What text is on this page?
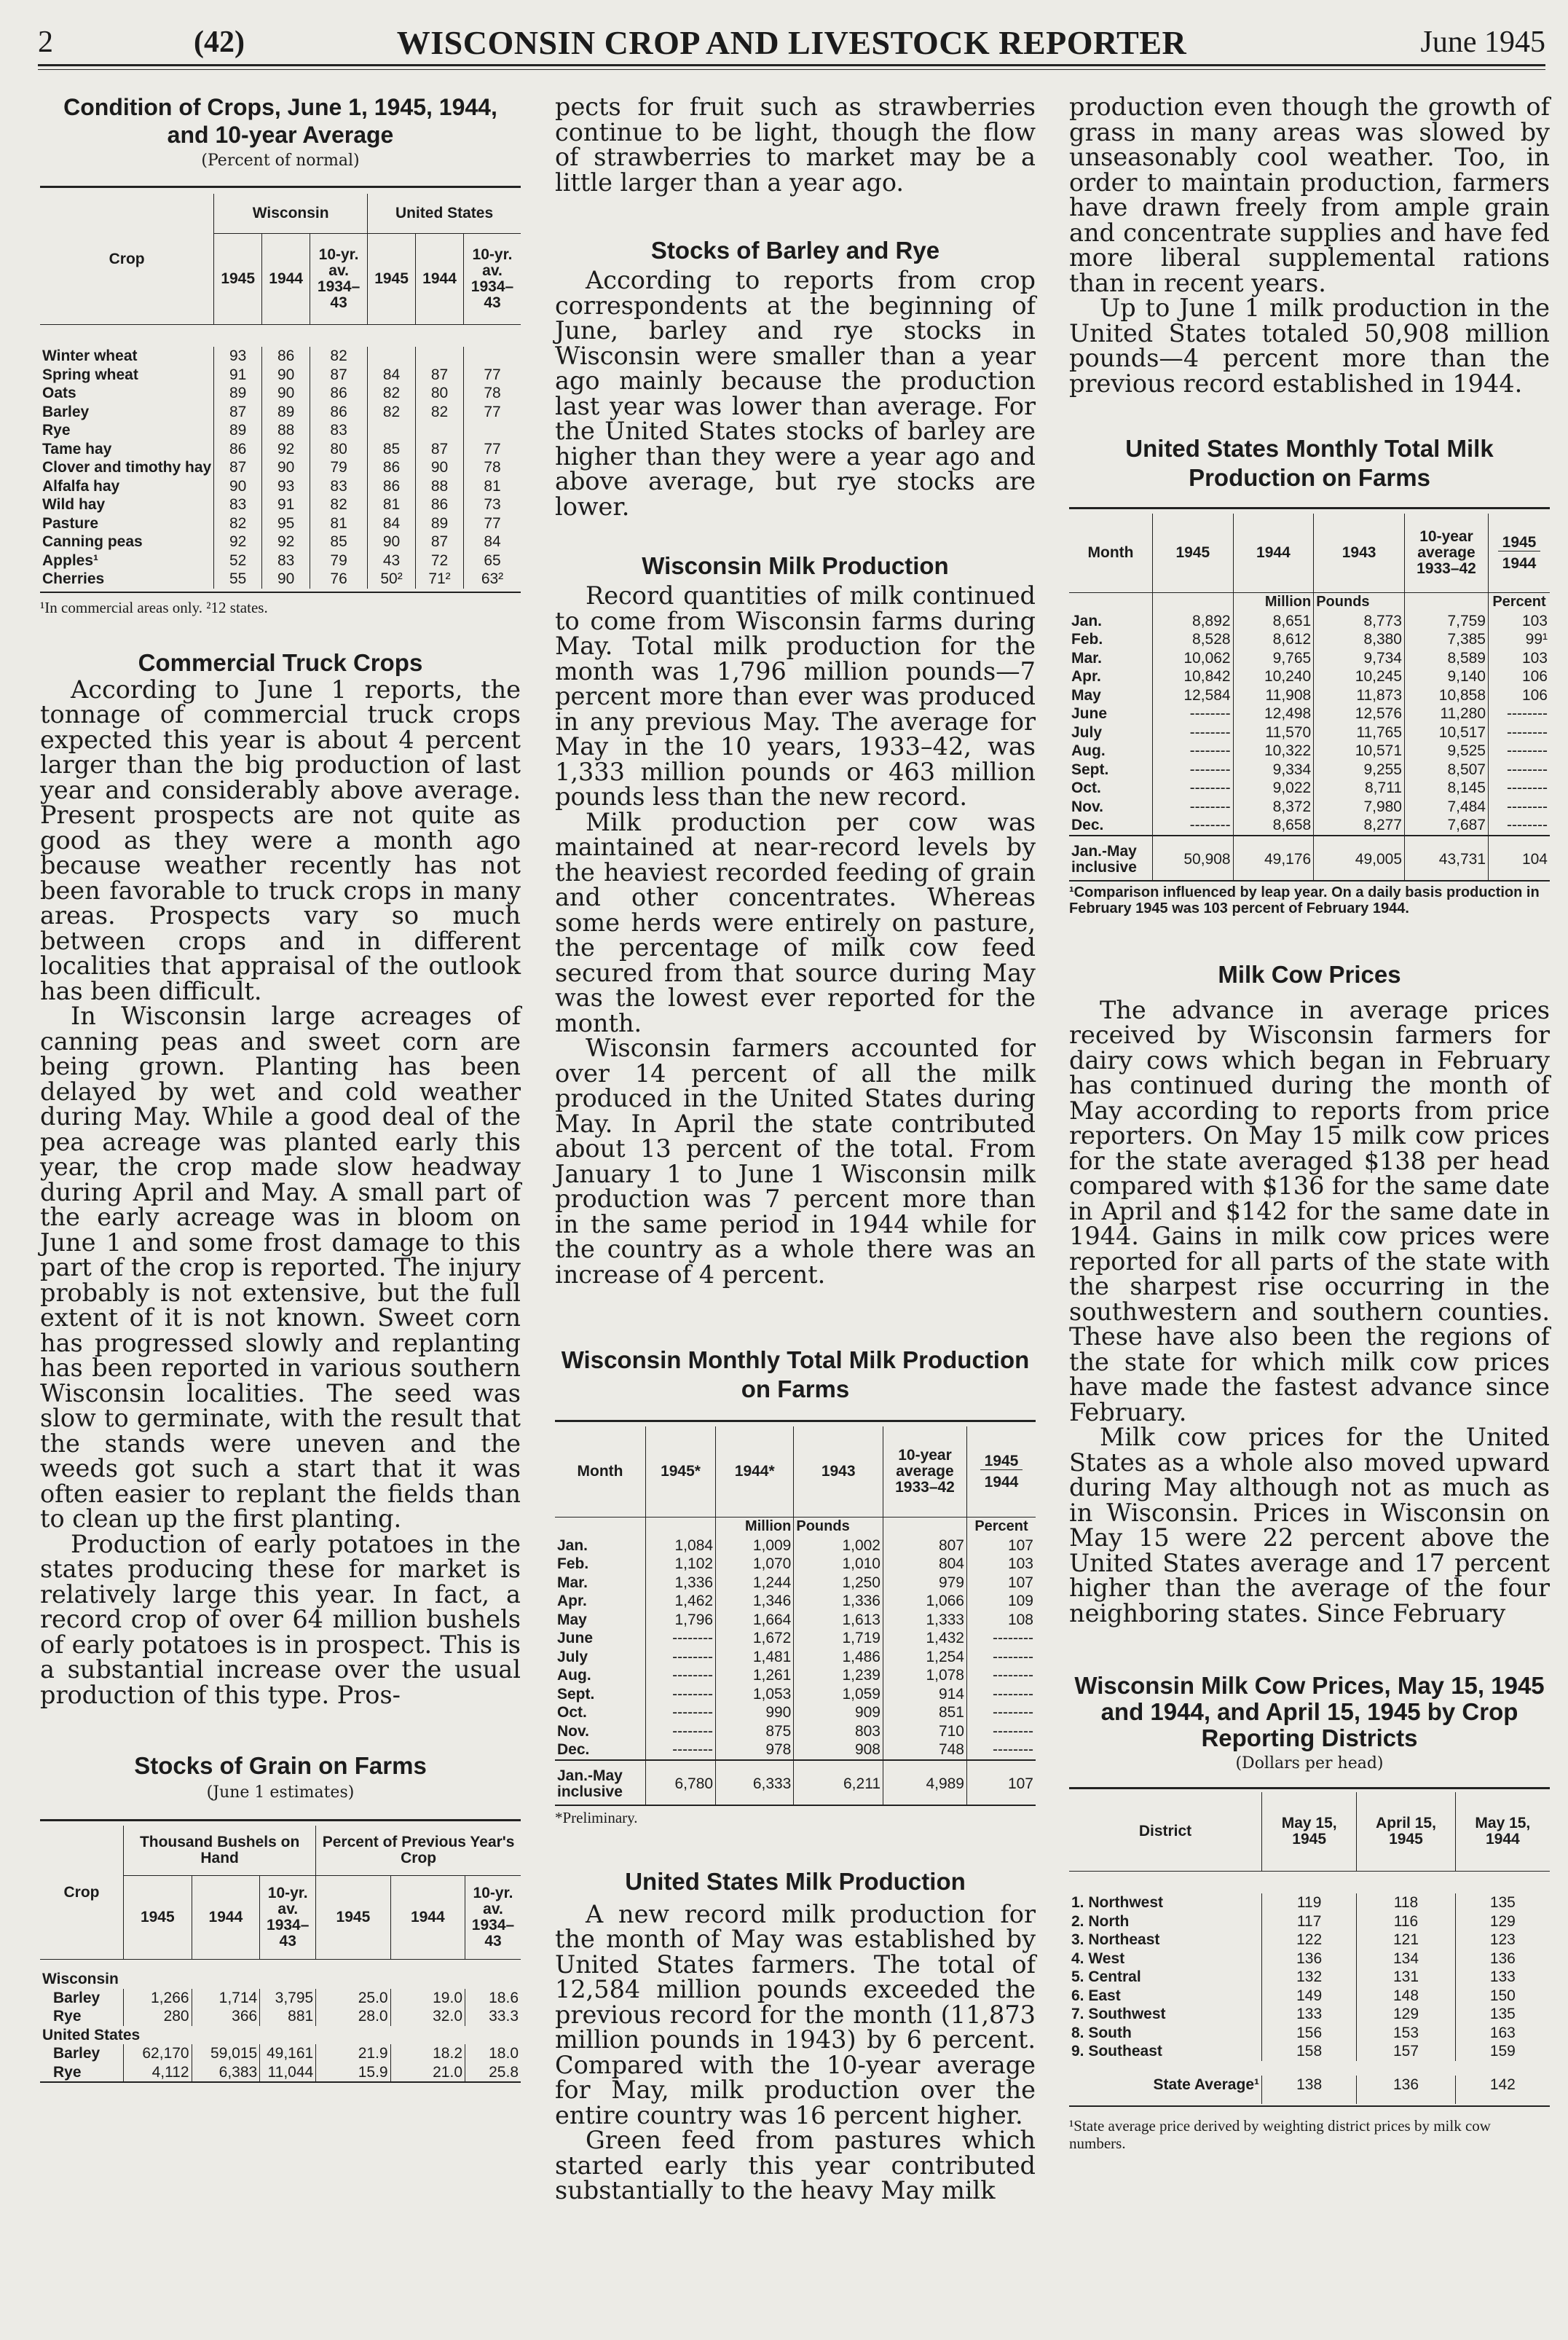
2	(42)	WISCONSIN CROP AND LIVESTOCK REPORTER	June 1945

Condition of Crops, June 1, 1945, 1944, and 10-year Average

(Percent of normal)

Crop	Wisconsin			United States		
	1945	1944	10-yr. av. 1934–43	1945	1944	10-yr. av. 1934–43

Winter wheat	93	86	82			
Spring wheat	91	90	87	84	87	77
Oats	89	90	86	82	80	78
Barley	87	89	86	82	82	77
Rye	89	88	83			
Tame hay	86	92	80	85	87	77
Clover and timothy hay	87	90	79	86	90	78
Alfalfa hay	90	93	83	86	88	81
Wild hay	83	91	82	81	86	73
Pasture	82	95	81	84	89	77
Canning peas	92	92	85	90	87	84
Apples¹	52	83	79	43	72	65
Cherries	55	90	76	50²	71²	63²

¹In commercial areas only. ²12 states.

Commercial Truck Crops

According to June 1 reports, the tonnage of commercial truck crops expected this year is about 4 percent larger than the big production of last year and considerably above average. Present prospects are not quite as good as they were a month ago because weather recently has not been favorable to truck crops in many areas. Prospects vary so much between crops and in different localities that appraisal of the outlook has been difficult.

In Wisconsin large acreages of canning peas and sweet corn are being grown. Planting has been delayed by wet and cold weather during May. While a good deal of the pea acreage was planted early this year, the crop made slow headway during April and May. A small part of the early acreage was in bloom on June 1 and some frost damage to this part of the crop is reported. The injury probably is not extensive, but the full extent of it is not known. Sweet corn has progressed slowly and replanting has been reported in various southern Wisconsin localities. The seed was slow to germinate, with the result that the stands were uneven and the weeds got such a start that it was often easier to replant the fields than to clean up the first planting.

Production of early potatoes in the states producing these for market is relatively large this year. In fact, a record crop of over 64 million bushels of early potatoes is in prospect. This is a substantial increase over the usual production of this type. Pros-

Stocks of Grain on Farms

(June 1 estimates)

Crop	Thousand Bushels on Hand			Percent of Previous Year's Crop		
	1945	1944	10-yr. av. 1934–43	1945	1944	10-yr. av. 1934–43

Wisconsin						
Barley	1,266	1,714	3,795	25.0	19.0	18.6
Rye	280	366	881	28.0	32.0	33.3
United States						
Barley	62,170	59,015	49,161	21.9	18.2	18.0
Rye	4,112	6,383	11,044	15.9	21.0	25.8

pects for fruit such as strawberries continue to be light, though the flow of strawberries to market may be a little larger than a year ago.

Stocks of Barley and Rye

According to reports from crop correspondents at the beginning of June, barley and rye stocks in Wisconsin were smaller than a year ago mainly because the production last year was lower than average. For the United States stocks of barley are higher than they were a year ago and above average, but rye stocks are lower.

Wisconsin Milk Production

Record quantities of milk continued to come from Wisconsin farms during May. Total milk production for the month was 1,796 million pounds—7 percent more than ever was produced in any previous May. The average for May in the 10 years, 1933–42, was 1,333 million pounds or 463 million pounds less than the new record.

Milk production per cow was maintained at near-record levels by the heaviest recorded feeding of grain and other concentrates. Whereas some herds were entirely on pasture, the percentage of milk cow feed secured from that source during May was the lowest ever reported for the month.

Wisconsin farmers accounted for over 14 percent of all the milk produced in the United States during May. In April the state contributed about 13 percent of the total. From January 1 to June 1 Wisconsin milk production was 7 percent more than in the same period in 1944 while for the country as a whole there was an increase of 4 percent.

Wisconsin Monthly Total Milk Production on Farms

Month	1945*	1944*	1943	10-year average 1933–42	1945
1944
		Million	Pounds		Percent
Jan.	1,084	1,009	1,002	807	107
Feb.	1,102	1,070	1,010	804	103
Mar.	1,336	1,244	1,250	979	107
Apr.	1,462	1,346	1,336	1,066	109
May	1,796	1,664	1,613	1,333	108
June	--------	1,672	1,719	1,432	--------
July	--------	1,481	1,486	1,254	--------
Aug.	--------	1,261	1,239	1,078	--------
Sept.	--------	1,053	1,059	914	--------
Oct.	--------	990	909	851	--------
Nov.	--------	875	803	710	--------
Dec.	--------	978	908	748	--------
Jan.-May inclusive	6,780	6,333	6,211	4,989	107

*Preliminary.

United States Milk Production

A new record milk production for the month of May was established by United States farmers. The total of 12,584 million pounds exceeded the previous record for the month (11,873 million pounds in 1943) by 6 percent. Compared with the 10-year average for May, milk production over the entire country was 16 percent higher.

Green feed from pastures which started early this year contributed substantially to the heavy May milk

production even though the growth of grass in many areas was slowed by unseasonably cool weather. Too, in order to maintain production, farmers have drawn freely from ample grain and concentrate supplies and have fed more liberal supplemental rations than in recent years.

Up to June 1 milk production in the United States totaled 50,908 million pounds—4 percent more than the previous record established in 1944.

United States Monthly Total Milk Production on Farms

Month	1945	1944	1943	10-year average 1933–42	1945
1944
		Million	Pounds		Percent
Jan.	8,892	8,651	8,773	7,759	103
Feb.	8,528	8,612	8,380	7,385	99¹
Mar.	10,062	9,765	9,734	8,589	103
Apr.	10,842	10,240	10,245	9,140	106
May	12,584	11,908	11,873	10,858	106
June	--------	12,498	12,576	11,280	--------
July	--------	11,570	11,765	10,517	--------
Aug.	--------	10,322	10,571	9,525	--------
Sept.	--------	9,334	9,255	8,507	--------
Oct.	--------	9,022	8,711	8,145	--------
Nov.	--------	8,372	7,980	7,484	--------
Dec.	--------	8,658	8,277	7,687	--------
Jan.-May inclusive	50,908	49,176	49,005	43,731	104

¹Comparison influenced by leap year. On a daily basis production in February 1945 was 103 percent of February 1944.

Milk Cow Prices

The advance in average prices received by Wisconsin farmers for dairy cows which began in February has continued during the month of May according to reports from price reporters. On May 15 milk cow prices for the state averaged $138 per head compared with $136 for the same date in April and $142 for the same date in 1944. Gains in milk cow prices were reported for all parts of the state with the sharpest rise occurring in the southwestern and southern counties. These have also been the regions of the state for which milk cow prices have made the fastest advance since February.

Milk cow prices for the United States as a whole also moved upward during May although not as much as in Wisconsin. Prices in Wisconsin on May 15 were 22 percent above the United States average and 17 percent higher than the average of the four neighboring states. Since February

Wisconsin Milk Cow Prices, May 15, 1945 and 1944, and April 15, 1945 by Crop Reporting Districts

(Dollars per head)

District	May 15, 1945	April 15, 1945	May 15, 1944

1. Northwest	119	118	135
2. North	117	116	129
3. Northeast	122	121	123
4. West	136	134	136
5. Central	132	131	133
6. East	149	148	150
7. Southwest	133	129	135
8. South	156	153	163
9. Southeast	158	157	159

State Average¹	138	136	142

¹State average price derived by weighting district prices by milk cow numbers.
